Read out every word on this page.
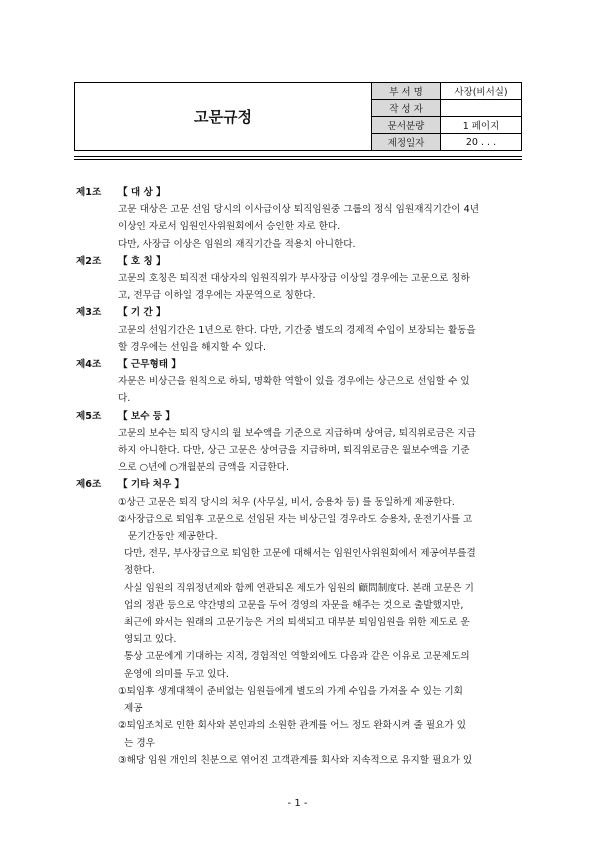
고문규정
부 서 명	사장(비서실)
작 성 자
문서분량	1 페이지
제정일자	20 . . .
제1조	【 대 상 】

고문 대상은 고문 선임 당시의 이사급이상 퇴직임원중 그룹의 정식 임원재직기간이 4년

이상인 자로서 임원인사위원회에서 승인한 자로 한다.

다만, 사장급 이상은 임원의 재직기간을 적용치 아니한다.

제2조	【 호 칭 】

고문의 호칭은 퇴직전 대상자의 임원직위가 부사장급 이상일 경우에는 고문으로 칭하

고, 전무급 이하일 경우에는 자문역으로 칭한다.

제3조	【 기 간 】

고문의 선임기간은 1년으로 한다. 다만, 기간중 별도의 경제적 수입이 보장되는 활동을

할 경우에는 선임을 해지할 수 있다.

제4조	【 근무형태 】

자문은 비상근을 원칙으로 하되, 명확한 역할이 있을 경우에는 상근으로 선임할 수 있

다.

제5조	【 보수 등 】

고문의 보수는 퇴직 당시의 월 보수액을 기준으로 지급하며 상여금, 퇴직위로금은 지급

하지 아니한다. 다만, 상근 고문은 상여금을 지급하며, 퇴직위로금은 월보수액을 기준

으로 ○년에 ○개월분의 금액을 지급한다.

제6조	【 기타 처우 】

①상근 고문은 퇴직 당시의 처우 (사무실, 비서, 승용차 등) 를 동일하게 제공한다.

②사장급으로 퇴임후 고문으로 선임된 자는 비상근일 경우라도 승용차, 운전기사를 고

문기간동안 제공한다.

다만, 전무, 부사장급으로 퇴임한 고문에 대해서는 임원인사위원회에서 제공여부를결

정한다.

사실 임원의 직위정년제와 함께 연관되온 제도가 임원의 顧問制度다. 본래 고문은 기

업의 정관 등으로 약간명의 고문을 두어 경영의 자문을 해주는 것으로 출발했지만,

최근에 와서는 원래의 고문기능은 거의 퇴색되고 대부분 퇴임임원을 위한 제도로 운

영되고 있다.

통상 고문에게 기대하는 지적, 경험적인 역할외에도 다음과 같은 이유로 고문제도의

운영에 의미를 두고 있다.

①퇴임후 생계대책이 준비없는 임원들에게 별도의 가계 수입을 가져올 수 있는 기회

제공

②퇴임조치로 인한 회사와 본인과의 소원한 관계를 어느 정도 완화시켜 줄 필요가 있

는 경우

③해당 임원 개인의 친분으로 엮어진 고객관계를 회사와 지속적으로 유지할 필요가 있

- 1 -
